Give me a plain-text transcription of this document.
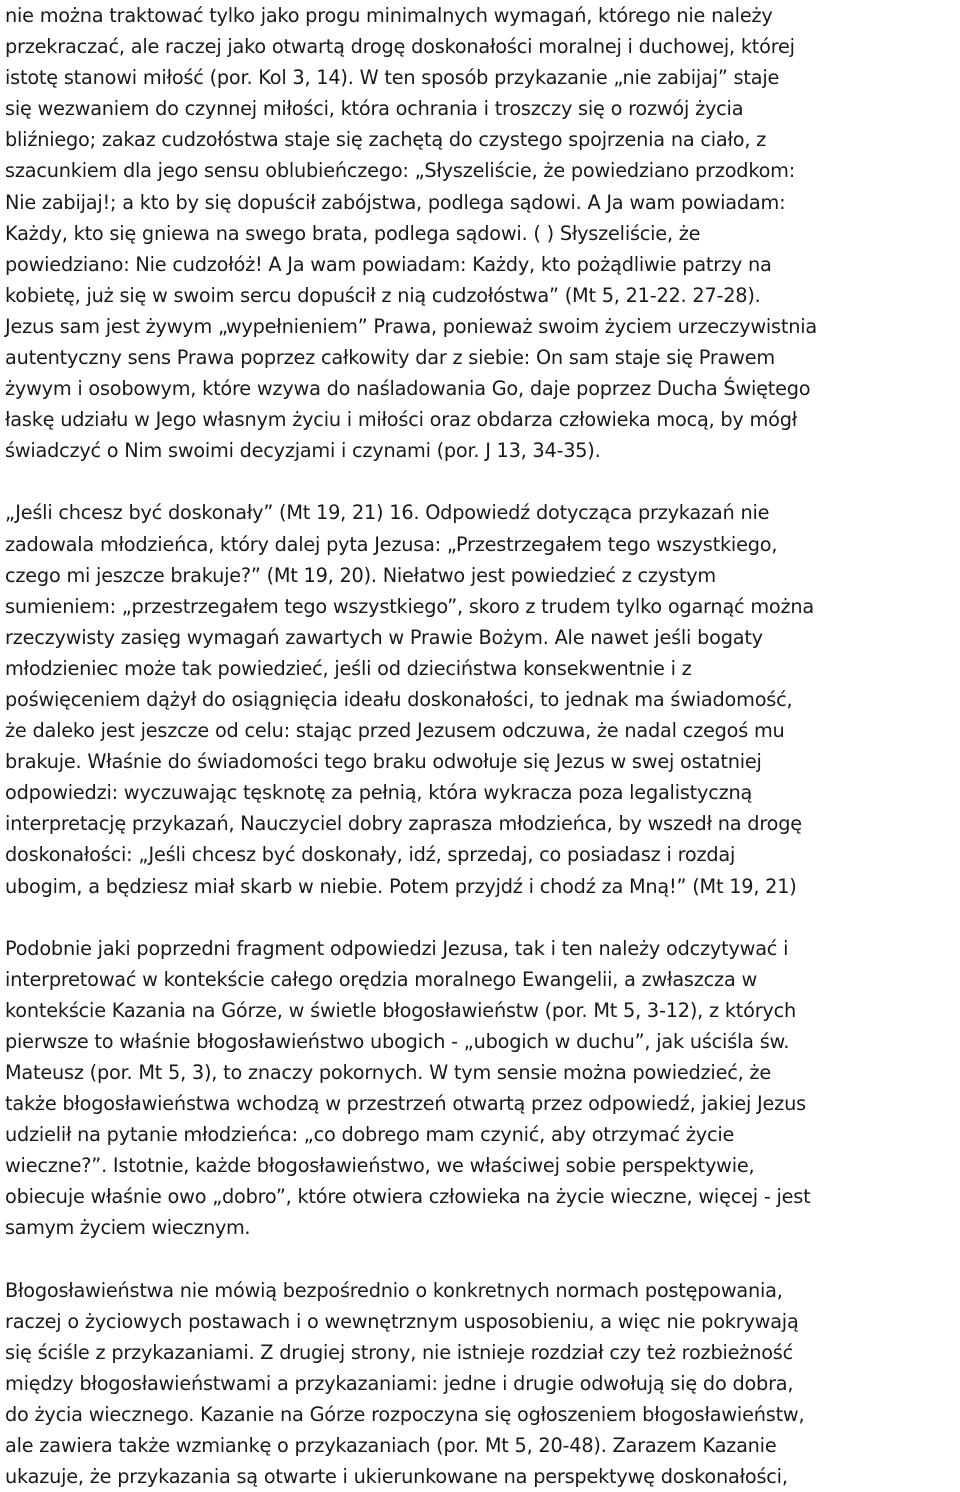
nie można traktować tylko jako progu minimalnych wymagań, którego nie należy
przekraczać, ale raczej jako otwartą drogę doskonałości moralnej i duchowej, której
istotę stanowi miłość (por. Kol 3, 14). W ten sposób przykazanie „nie zabijaj” staje
się wezwaniem do czynnej miłości, która ochrania i troszczy się o rozwój życia
bliźniego; zakaz cudzołóstwa staje się zachętą do czystego spojrzenia na ciało, z
szacunkiem dla jego sensu oblubieńczego: „Słyszeliście, że powiedziano przodkom:
Nie zabijaj!; a kto by się dopuścił zabójstwa, podlega sądowi. A Ja wam powiadam:
Każdy, kto się gniewa na swego brata, podlega sądowi. ( ) Słyszeliście, że
powiedziano: Nie cudzołóż! A Ja wam powiadam: Każdy, kto pożądliwie patrzy na
kobietę, już się w swoim sercu dopuścił z nią cudzołóstwa” (Mt 5, 21-22. 27-28).
Jezus sam jest żywym „wypełnieniem” Prawa, ponieważ swoim życiem urzeczywistnia
autentyczny sens Prawa poprzez całkowity dar z siebie: On sam staje się Prawem
żywym i osobowym, które wzywa do naśladowania Go, daje poprzez Ducha Świętego
łaskę udziału w Jego własnym życiu i miłości oraz obdarza człowieka mocą, by mógł
świadczyć o Nim swoimi decyzjami i czynami (por. J 13, 34-35).

„Jeśli chcesz być doskonały” (Mt 19, 21) 16. Odpowiedź dotycząca przykazań nie
zadowala młodzieńca, który dalej pyta Jezusa: „Przestrzegałem tego wszystkiego,
czego mi jeszcze brakuje?” (Mt 19, 20). Niełatwo jest powiedzieć z czystym
sumieniem: „przestrzegałem tego wszystkiego”, skoro z trudem tylko ogarnąć można
rzeczywisty zasięg wymagań zawartych w Prawie Bożym. Ale nawet jeśli bogaty
młodzieniec może tak powiedzieć, jeśli od dzieciństwa konsekwentnie i z
poświęceniem dążył do osiągnięcia ideału doskonałości, to jednak ma świadomość,
że daleko jest jeszcze od celu: stając przed Jezusem odczuwa, że nadal czegoś mu
brakuje. Właśnie do świadomości tego braku odwołuje się Jezus w swej ostatniej
odpowiedzi: wyczuwając tęsknotę za pełnią, która wykracza poza legalistyczną
interpretację przykazań, Nauczyciel dobry zaprasza młodzieńca, by wszedł na drogę
doskonałości: „Jeśli chcesz być doskonały, idź, sprzedaj, co posiadasz i rozdaj
ubogim, a będziesz miał skarb w niebie. Potem przyjdź i chodź za Mną!” (Mt 19, 21)

Podobnie jaki poprzedni fragment odpowiedzi Jezusa, tak i ten należy odczytywać i
interpretować w kontekście całego orędzia moralnego Ewangelii, a zwłaszcza w
kontekście Kazania na Górze, w świetle błogosławieństw (por. Mt 5, 3-12), z których
pierwsze to właśnie błogosławieństwo ubogich - „ubogich w duchu”, jak uściśla św.
Mateusz (por. Mt 5, 3), to znaczy pokornych. W tym sensie można powiedzieć, że
także błogosławieństwa wchodzą w przestrzeń otwartą przez odpowiedź, jakiej Jezus
udzielił na pytanie młodzieńca: „co dobrego mam czynić, aby otrzymać życie
wieczne?”. Istotnie, każde błogosławieństwo, we właściwej sobie perspektywie,
obiecuje właśnie owo „dobro”, które otwiera człowieka na życie wieczne, więcej - jest
samym życiem wiecznym.

Błogosławieństwa nie mówią bezpośrednio o konkretnych normach postępowania,
raczej o życiowych postawach i o wewnętrznym usposobieniu, a więc nie pokrywają
się ściśle z przykazaniami. Z drugiej strony, nie istnieje rozdział czy też rozbieżność
między błogosławieństwami a przykazaniami: jedne i drugie odwołują się do dobra,
do życia wiecznego. Kazanie na Górze rozpoczyna się ogłoszeniem błogosławieństw,
ale zawiera także wzmiankę o przykazaniach (por. Mt 5, 20-48). Zarazem Kazanie
ukazuje, że przykazania są otwarte i ukierunkowane na perspektywę doskonałości,
